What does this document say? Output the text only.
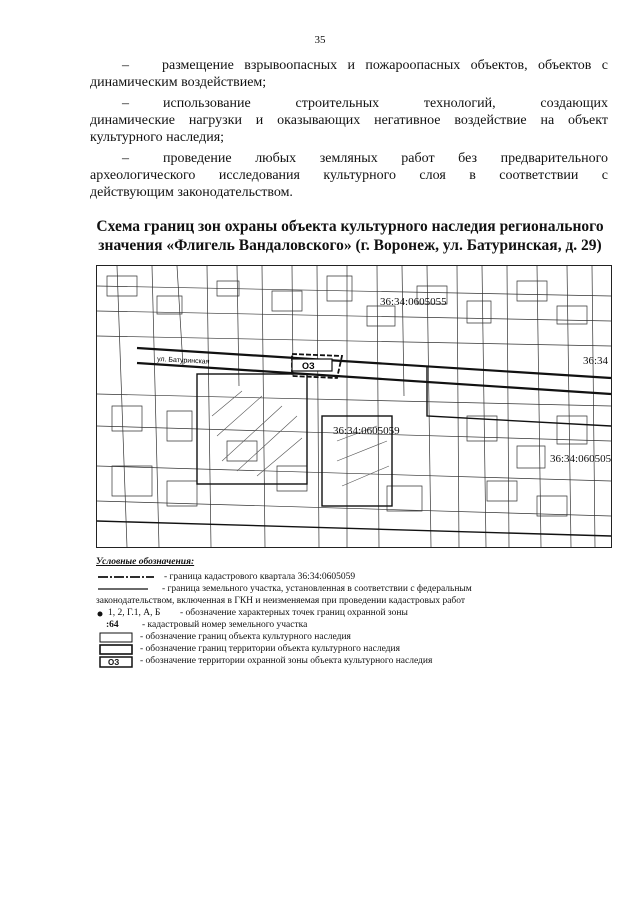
35
– размещение взрывоопасных и пожароопасных объектов, объектов с
динамическим воздействием;
– использование строительных технологий, создающих
динамические нагрузки и оказывающих негативное воздействие на объект
культурного наследия;
– проведение любых земляных работ без предварительного
археологического исследования культурного слоя в соответствии с
действующим законодательством.
Схема границ зон охраны объекта культурного наследия регионального
значения «Флигель Вандаловского» (г. Воронеж, ул. Батуринская, д. 29)
ОЗ
ул. Батуринская
36:34:0605055
36:34:0605059
36:34:060505
36:34
Условные обозначения:
- граница кадастрового квартала 36:34:0605059
- граница земельного участка, установленная в соответствии с федеральным
законодательством, включенная в ГКН и неизменяемая при проведении кадастровых работ
1, 2, Г.1, А, Б - обозначение характерных точек границ охранной зоны
:64 - кадастровый номер земельного участка
- обозначение границ объекта культурного наследия
- обозначение границ территории объекта культурного наследия
ОЗ - обозначение территории охранной зоны объекта культурного наследия
